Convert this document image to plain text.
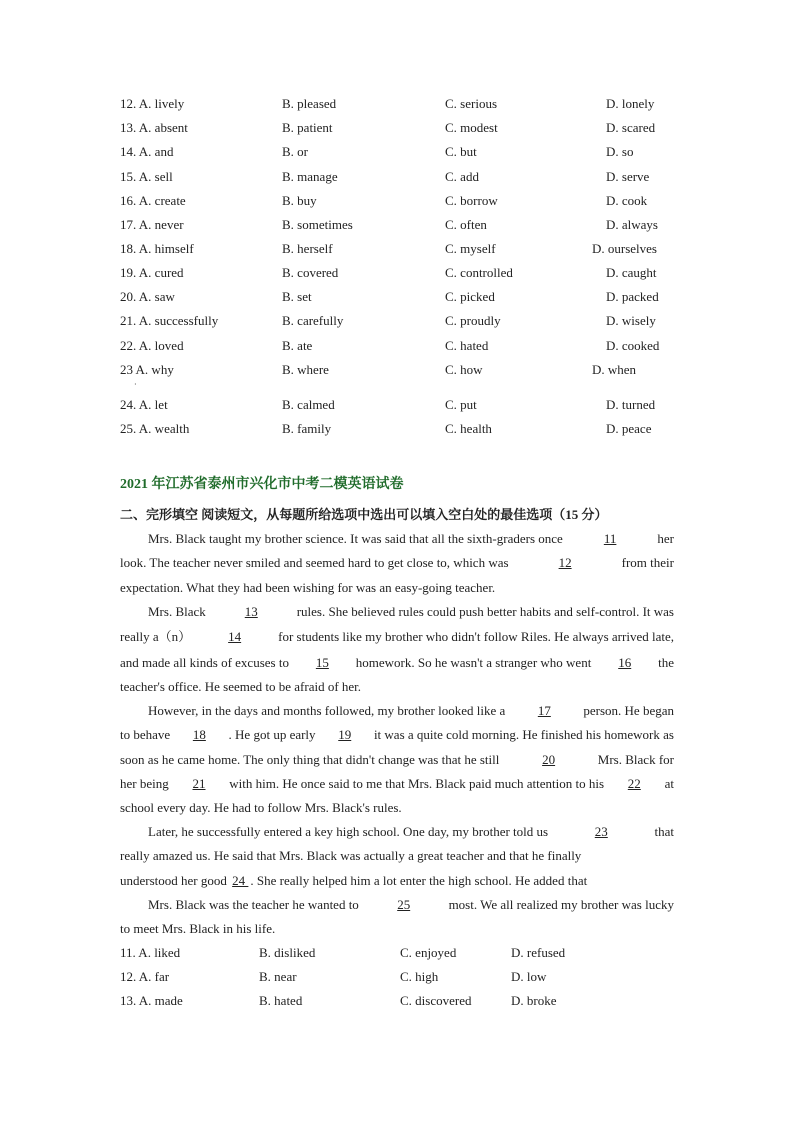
12. A. lively	B. pleased	C. serious	D. lonely
13. A. absent	B. patient	C. modest	D. scared
14. A. and	B. or	C. but	D. so
15. A. sell	B. manage	C. add	D. serve
16. A. create	B. buy	C. borrow	D. cook
17. A. never	B. sometimes	C. often	D. always
18. A. himself	B. herself	C. myself	D. ourselves
19. A. cured	B. covered	C. controlled	D. caught
20. A. saw	B. set	C. picked	D. packed
21. A. successfully	B. carefully	C. proudly	D. wisely
22. A. loved	B. ate	C. hated	D. cooked
23 A. why	B. where	C. how	D. when
·
24. A. let	B. calmed	C. put	D. turned
25. A. wealth	B. family	C. health	D. peace
2021 年江苏省泰州市兴化市中考二模英语试卷
二、完形填空 阅读短文，从每题所给选项中选出可以填入空白处的最佳选项（15 分）
Mrs. Black taught my brother science. It was said that all the sixth-graders once	11	her
look. The teacher never smiled and seemed hard to get close to, which was	12	from their
expectation. What they had been wishing for was an easy-going teacher.
Mrs. Black	13	rules. She believed rules could push better habits and self-control. It was
really a（n）	14	for students like my brother who didn't follow Riles. He always arrived late,
and made all kinds of excuses to 15 homework. So he wasn't a stranger who went 16 the
teacher's office. He seemed to be afraid of her.
However, in the days and months followed, my brother looked like a	17	person. He began
to behave 18 . He got up early 19 it was a quite cold morning. He finished his homework as
soon as he came home. The only thing that didn't change was that he still	20	Mrs. Black for
her being 21 with him. He once said to me that Mrs. Black paid much attention to his 22 at
school every day. He had to follow Mrs. Black's rules.
Later, he successfully entered a key high school. One day, my brother told us	23	that
really amazed us. He said that Mrs. Black was actually a great teacher and that he finally
understood her good 24 . She really helped him a lot enter the high school. He added that
Mrs. Black was the teacher he wanted to	25	most. We all realized my brother was lucky
to meet Mrs. Black in his life.
11. A. liked	B. disliked	C. enjoyed	D. refused
12. A. far	B. near	C. high	D. low
13. A. made	B. hated	C. discovered	D. broke
